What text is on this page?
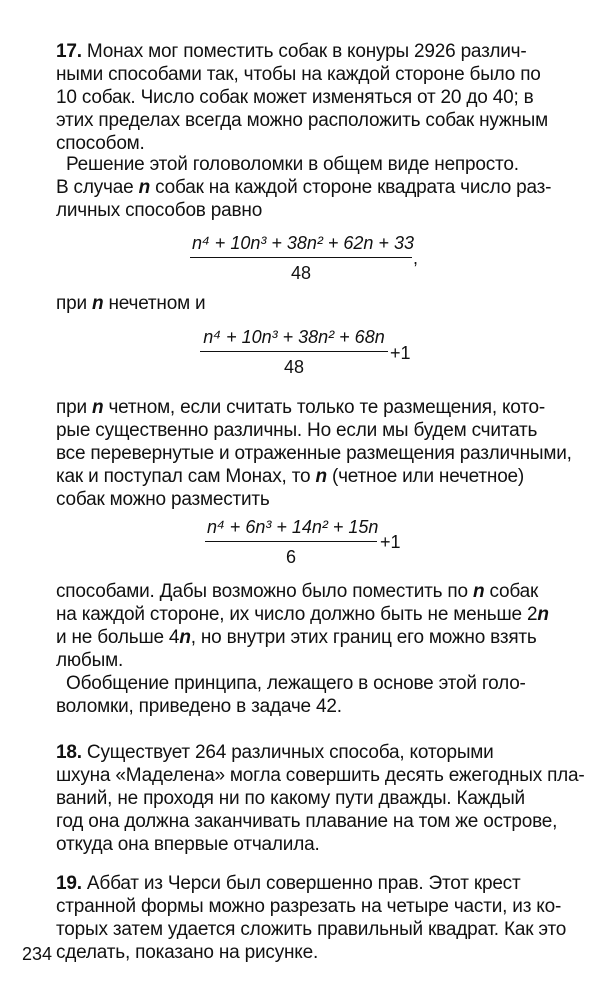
17. Монах мог поместить собак в конуры 2926 различ-

ными способами так, чтобы на каждой стороне было по

10 собак. Число собак может изменяться от 20 до 40; в

этих пределах всегда можно расположить собак нужным

способом.

Решение этой головоломки в общем виде непросто.

В случае n собак на каждой стороне квадрата число раз-

личных способов равно

$\frac{\text{n⁴ + 10n³ + 38n² + 62n + 33}}{48}$ ,

при n нечетном и

$\frac{\text{n⁴ + 10n³ + 38n² + 68n}}{48} +1$

при n четном, если считать только те размещения, кото-

рые существенно различны. Но если мы будем считать

все перевернутые и отраженные размещения различными,

как и поступал сам Монах, то n (четное или нечетное)

собак можно разместить

$\frac{\text{n⁴ + 6n³ + 14n² + 15n}}{6} +1$

способами. Дабы возможно было поместить по n собак

на каждой стороне, их число должно быть не меньше 2n

и не больше 4n, но внутри этих границ его можно взять

любым.

Обобщение принципа, лежащего в основе этой голо-

воломки, приведено в задаче 42.

18. Существует 264 различных способа, которыми

шхуна «Маделена» могла совершить десять ежегодных пла-

ваний, не проходя ни по какому пути дважды. Каждый

год она должна заканчивать плавание на том же острове,

откуда она впервые отчалила.

19. Аббат из Черси был совершенно прав. Этот крест

странной формы можно разрезать на четыре части, из ко-

торых затем удается сложить правильный квадрат. Как это

сделать, показано на рисунке.

234
